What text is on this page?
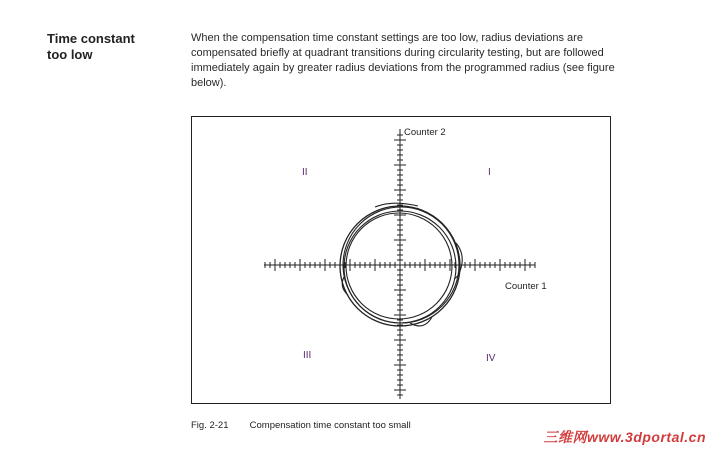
Time constant
too low
When the compensation time constant settings are too low, radius deviations are compensated briefly at quadrant transitions during circularity testing, but are followed immediately again by greater radius deviations from the programmed radius (see figure below).
Counter 2
Counter 1
II	I
III	IV
Fig. 2-21 Compensation time constant too small
三维网www.3dportal.cn
